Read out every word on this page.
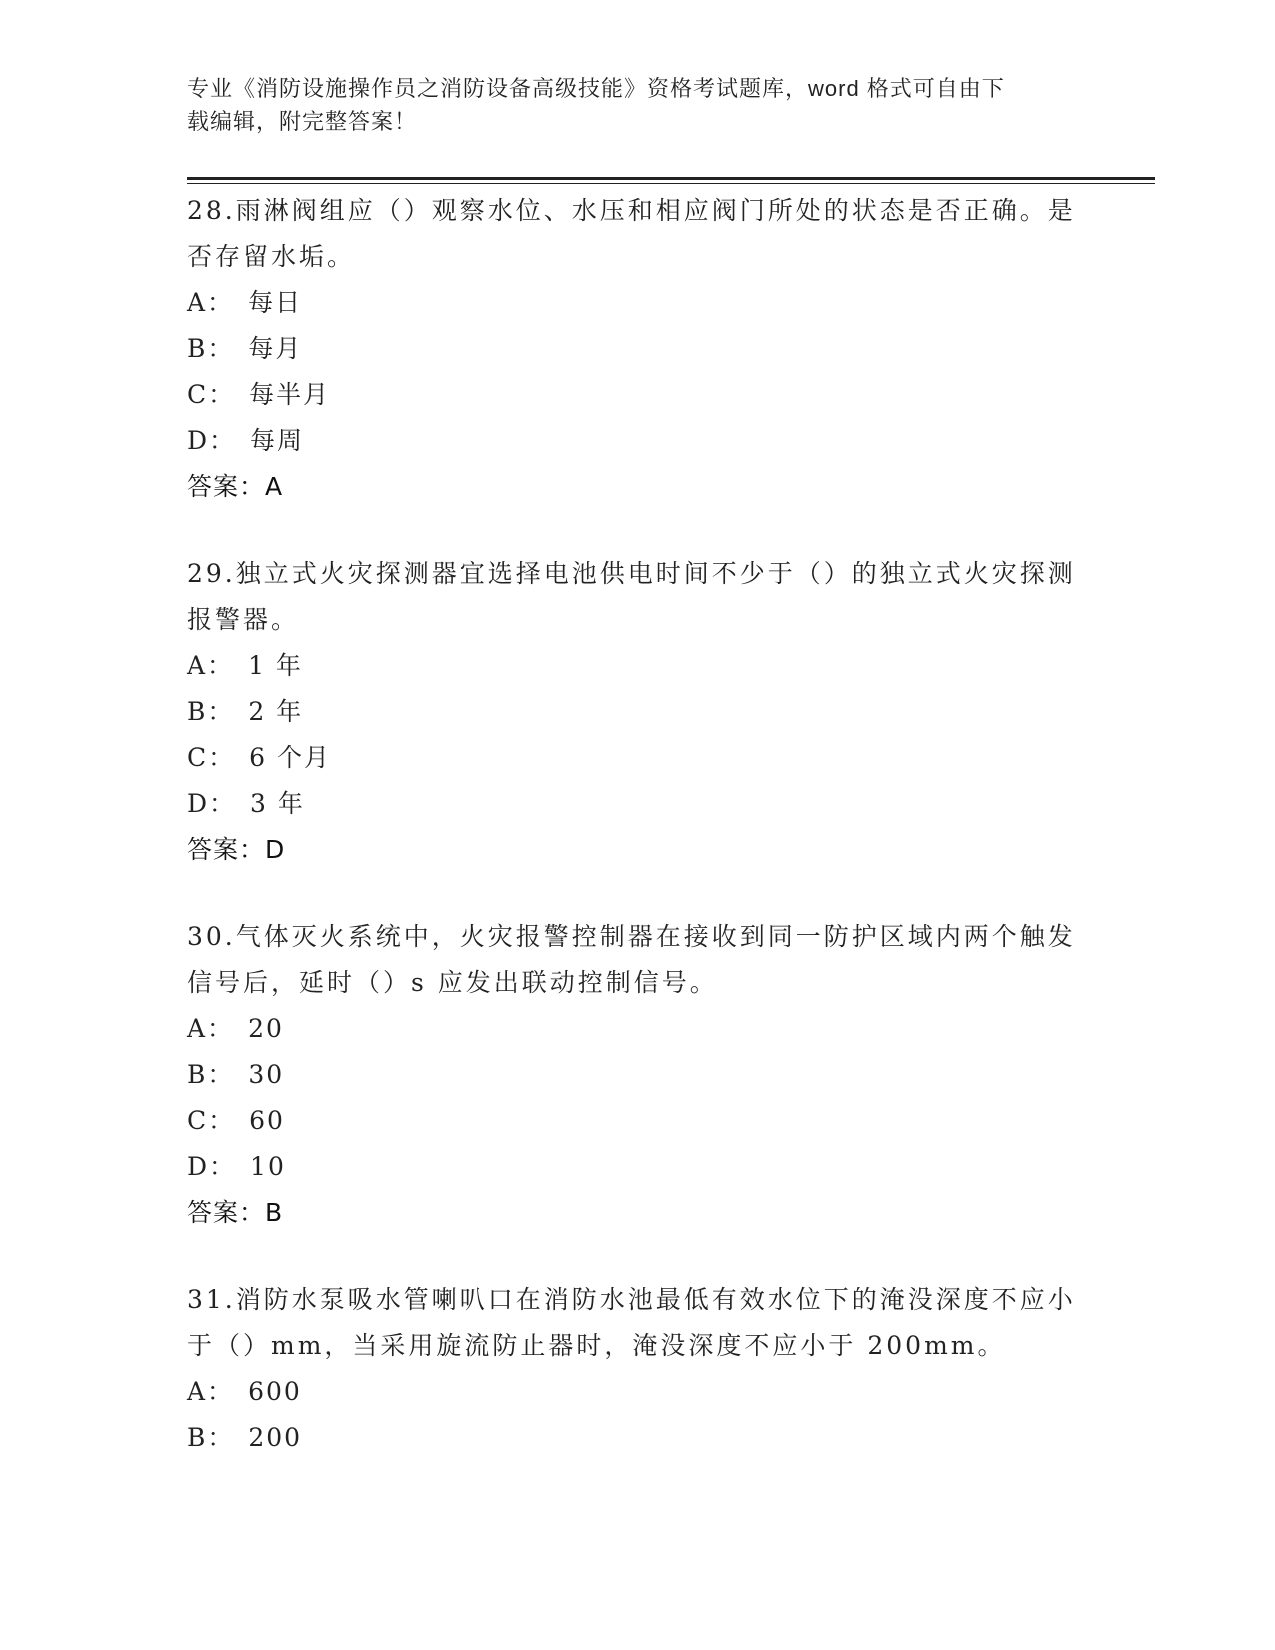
专业《消防设施操作员之消防设备高级技能》资格考试题库，word 格式可自由下
载编辑，附完整答案！
28.雨淋阀组应（）观察水位、水压和相应阀门所处的状态是否正确。是否存留水垢。
A： 每日
B： 每月
C： 每半月
D： 每周
答案：A
29.独立式火灾探测器宜选择电池供电时间不少于（）的独立式火灾探测报警器。
A： 1 年
B： 2 年
C： 6 个月
D： 3 年
答案：D
30.气体灭火系统中，火灾报警控制器在接收到同一防护区域内两个触发信号后，延时（）s 应发出联动控制信号。
A： 20
B： 30
C： 60
D： 10
答案：B
31.消防水泵吸水管喇叭口在消防水池最低有效水位下的淹没深度不应小于（）mm，当采用旋流防止器时，淹没深度不应小于 200mm。
A： 600
B： 200
